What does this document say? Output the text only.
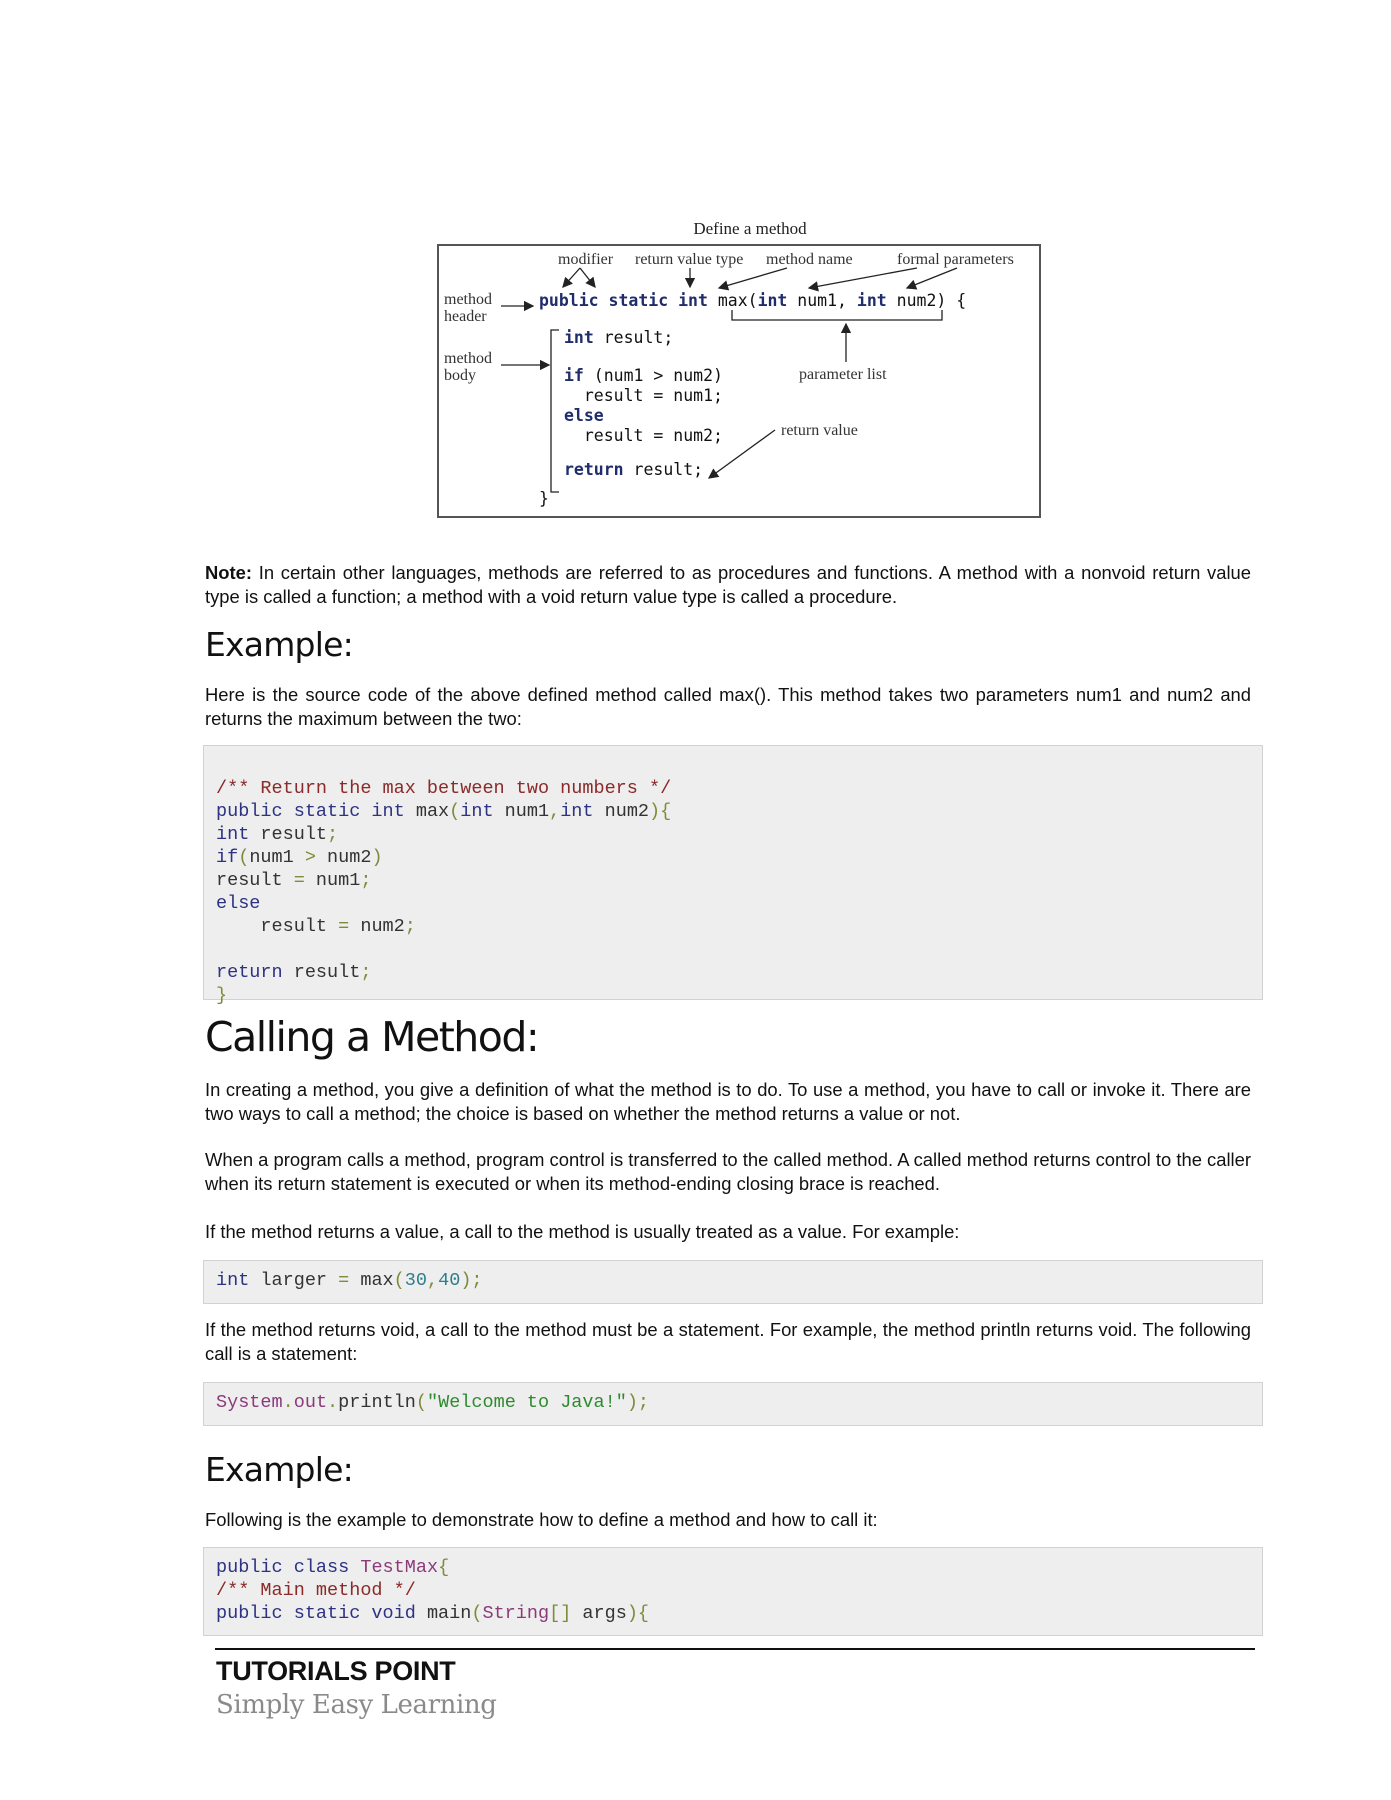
Define a method
modifier return value type method name	formal parameters
method
header
method
body	parameter list
return value
public static int max(int num1, int num2) {
int result;
if (num1 > num2)
result = num1;
else
result = num2;
return result;
}

Note: In certain other languages, methods are referred to as procedures and functions. A method with a nonvoid return value type is called a function; a method with a void return value type is called a procedure.

Example:

Here is the source code of the above defined method called max(). This method takes two parameters num1 and num2 and returns the maximum between the two:

/** Return the max between two numbers */
public static int max(int num1,int num2){
int result;
if(num1 > num2)
result = num1;
else
result = num2;
return result;
}
Calling a Method:

In creating a method, you give a definition of what the method is to do. To use a method, you have to call or invoke it. There are two ways to call a method; the choice is based on whether the method returns a value or not.

When a program calls a method, program control is transferred to the called method. A called method returns control to the caller when its return statement is executed or when its method-ending closing brace is reached.

If the method returns a value, a call to the method is usually treated as a value. For example:

int larger = max(30,40);

If the method returns void, a call to the method must be a statement. For example, the method println returns void. The following call is a statement:

System.out.println("Welcome to Java!");
Example:

Following is the example to demonstrate how to define a method and how to call it:

public class TestMax{
/** Main method */
public static void main(String[] args){
TUTORIALS POINT
Simply Easy Learning
